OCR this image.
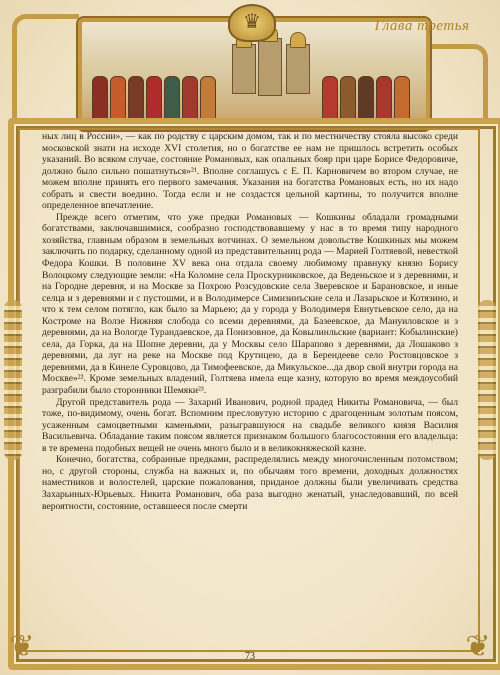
♛	Глава третья
❦	❦

ных лиц в России», — как по родству с царским домом, так и по местничеству стояла высоко среди московской знати на исходе XVI столетия, но о богатстве ее нам не пришлось встретить особых указаний. Во всяком случае, состояние Романовых, как опальных бояр при царе Борисе Федоровиче, должно было сильно пошатнуться»²¹. Вполне соглашусь с Е. П. Карновичем во втором случае, не можем вполне принять его первого замечания. Указания на богатства Романовых есть, но их надо собрать и свести воедино. Тогда если и не создастся цельной картины, то получится вполне определенное впечатление.

Прежде всего отметим, что уже предки Романовых — Кошкины обладали громадными богатствами, заключавшимися, сообразно господствовавшему у нас в то время типу народного хозяйства, главным образом в земельных вотчинах. О земельном довольстве Кошкиных мы можем заключить по подарку, сделанному одной из представительниц рода — Марией Голтяевой, невесткой Федора Кошки. В половине XV века она отдала своему любимому правнуку князю Борису Волоцкому следующие земли: «На Коломне села Проскурниковское, да Веденьское и з деревнями, и на Городне деревня, и на Москве за Похрою Розсудовские села Зверевское и Барановское, и иные селца и з деревнями и с пустошми, и в Володимерсе Симизинъские села и Лазарьское и Котязино, и что к тем селом потягло, как было за Марьею; да у города у Володимеря Евнутьевское село, да на Костроме на Волзе Нижняя слобода со всеми деревнями, да Базеевское, да Мануиловское и з деревнями, да на Вологде Турандаевское, да Понизовное, да Ковылинльские (вариант: Кобылинские) села, да Горка, да на Шопне деревни, да у Москвы село Шарапово з деревнями, да Лошаково з деревнями, да луг на реке на Москве под Крутицею, да в Берендееве село Ростовцовское з деревнями, да в Кинеле Суровцово, да Тимофеевское, да Микульское...да двор свой внутри города на Москве»²². Кроме земельных владений, Голтяева имела еще казну, которую во время междоусобий разграбили было сторонники Шемяки²³.

Другой представитель рода — Захарий Иванович, родной прадед Никиты Романовича, — был тоже, по-видимому, очень богат. Вспомним пресловутую историю с драгоценным золотым поясом, усаженным самоцветными каменьями, разыгравшуюся на свадьбе великого князя Василия Васильевича. Обладание таким поясом является признаком большого благосостояния его владельца: в те времена подобных вещей не очень много было и в великокняжеской казне.

Конечно, богатства, собранные предками, распределялись между многочисленным потомством; но, с другой стороны, служба на важных и, по обычаям того времени, доходных должностях наместников и волостелей, царские пожалования, приданое должны были увеличивать средства Захарьиных-Юрьевых. Никита Романович, оба раза выгодно женатый, унаследовавший, по всей вероятности, состояние, оставшееся после смерти

73
